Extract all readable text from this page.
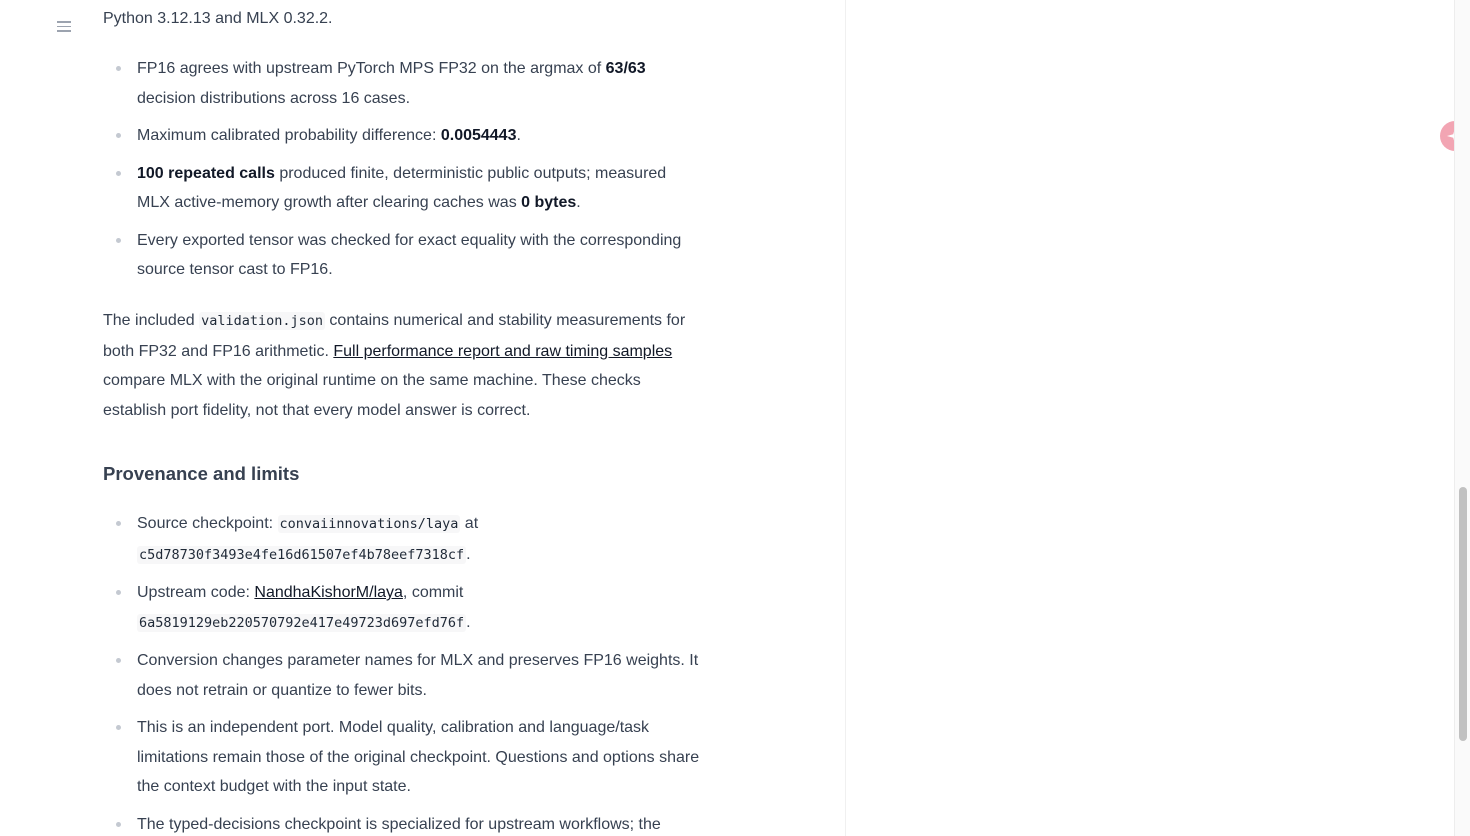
Python 3.12.13 and MLX 0.32.2.

FP16 agrees with upstream PyTorch MPS FP32 on the argmax of 63/63 decision distributions across 16 cases.
Maximum calibrated probability difference: 0.0054443.
100 repeated calls produced finite, deterministic public outputs; measured MLX active-memory growth after clearing caches was 0 bytes.
Every exported tensor was checked for exact equality with the corresponding source tensor cast to FP16.

The included validation.json contains numerical and stability measurements for both FP32 and FP16 arithmetic. Full performance report and raw timing samples compare MLX with the original runtime on the same machine. These checks establish port fidelity, not that every model answer is correct.

Provenance and limits
Source checkpoint: convaiinnovations/laya at
c5d78730f3493e4fe16d61507ef4b78eef7318cf .
Upstream code: NandhaKishorM/laya, commit
6a5819129eb220570792e417e49723d697efd76f .
Conversion changes parameter names for MLX and preserves FP16 weights. It does not retrain or quantize to fewer bits.
This is an independent port. Model quality, calibration and language/task limitations remain those of the original checkpoint. Questions and options share the context budget with the input state.
The typed-decisions checkpoint is specialized for upstream workflows; the
